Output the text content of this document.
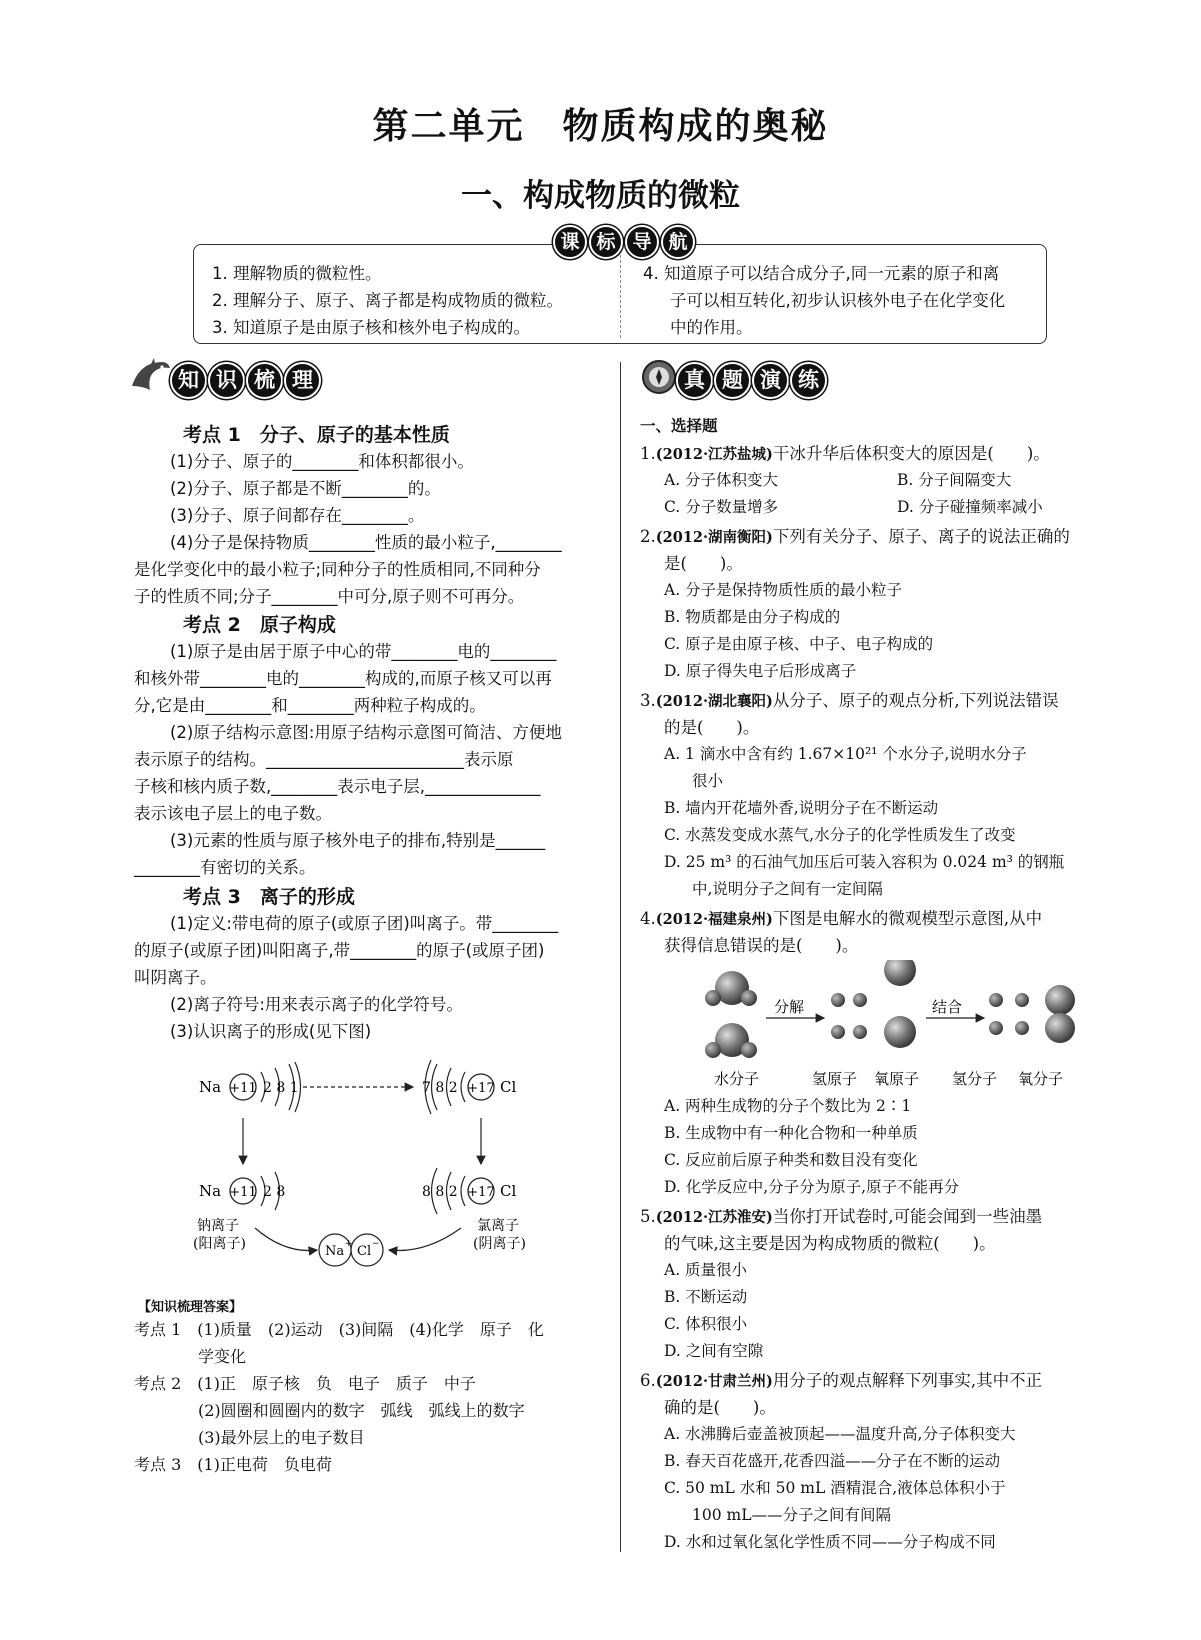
第二单元　物质构成的奥秘
一、构成物质的微粒
课 标 导 航
1. 理解物质的微粒性。
2. 理解分子、原子、离子都是构成物质的微粒。
3. 知道原子是由原子核和核外电子构成的。
4. 知道原子可以结合成分子,同一元素的原子和离
子可以相互转化,初步认识核外电子在化学变化
中的作用。
知 识 梳 理
考点 1　分子、原子的基本性质
(1)分子、原子的________和体积都很小。
(2)分子、原子都是不断________的。
(3)分子、原子间都存在________。
(4)分子是保持物质________性质的最小粒子,________
是化学变化中的最小粒子;同种分子的性质相同,不同种分
子的性质不同;分子________中可分,原子则不可再分。
考点 2　原子构成
(1)原子是由居于原子中心的带________电的________
和核外带________电的________构成的,而原子核又可以再
分,它是由________和________两种粒子构成的。
(2)原子结构示意图:用原子结构示意图可简洁、方便地
表示原子的结构。________________________表示原
子核和核内质子数,________表示电子层,______________
表示该电子层上的电子数。
(3)元素的性质与原子核外电子的排布,特别是______
________有密切的关系。
考点 3　离子的形成
(1)定义:带电荷的原子(或原子团)叫离子。带________
的原子(或原子团)叫阳离子,带________的原子(或原子团)
叫阴离子。
(2)离子符号:用来表示离子的化学符号。
(3)认识离子的形成(见下图)
Na +11 2 8 1	7 8 2 +17 Cl
Na +11 2 8
钠离子
(阳离子)
8 8 2 +17 Cl
氯离子
(阴离子)
Na + Cl −
【知识梳理答案】
考点 1　(1)质量　(2)运动　(3)间隔　(4)化学　原子　化
　　　　学变化
考点 2　(1)正　原子核　负　电子　质子　中子
　　　　(2)圆圈和圆圈内的数字　弧线　弧线上的数字
　　　　(3)最外层上的电子数目
考点 3　(1)正电荷　负电荷
真 题 演 练
一、选择题
1.(2012·江苏盐城)干冰升华后体积变大的原因是(　　)。
A. 分子体积变大	B. 分子间隔变大
C. 分子数量增多	D. 分子碰撞频率减小
2.(2012·湖南衡阳)下列有关分子、原子、离子的说法正确的
是(　　)。
A. 分子是保持物质性质的最小粒子
B. 物质都是由分子构成的
C. 原子是由原子核、中子、电子构成的
D. 原子得失电子后形成离子
3.(2012·湖北襄阳)从分子、原子的观点分析,下列说法错误
的是(　　)。
A. 1 滴水中含有约 1.67×10²¹ 个水分子,说明水分子
很小
B. 墙内开花墙外香,说明分子在不断运动
C. 水蒸发变成水蒸气,水分子的化学性质发生了改变
D. 25 m³ 的石油气加压后可装入容积为 0.024 m³ 的钢瓶
中,说明分子之间有一定间隔
4.(2012·福建泉州)下图是电解水的微观模型示意图,从中
获得信息错误的是(　　)。
分解	结合
水分子	氢原子 氧原子 氢分子 氧分子
A. 两种生成物的分子个数比为 2∶1
B. 生成物中有一种化合物和一种单质
C. 反应前后原子种类和数目没有变化
D. 化学反应中,分子分为原子,原子不能再分
5.(2012·江苏淮安)当你打开试卷时,可能会闻到一些油墨
的气味,这主要是因为构成物质的微粒(　　)。
A. 质量很小
B. 不断运动
C. 体积很小
D. 之间有空隙
6.(2012·甘肃兰州)用分子的观点解释下列事实,其中不正
确的是(　　)。
A. 水沸腾后壶盖被顶起——温度升高,分子体积变大
B. 春天百花盛开,花香四溢——分子在不断的运动
C. 50 mL 水和 50 mL 酒精混合,液体总体积小于
100 mL——分子之间有间隔
D. 水和过氧化氢化学性质不同——分子构成不同
